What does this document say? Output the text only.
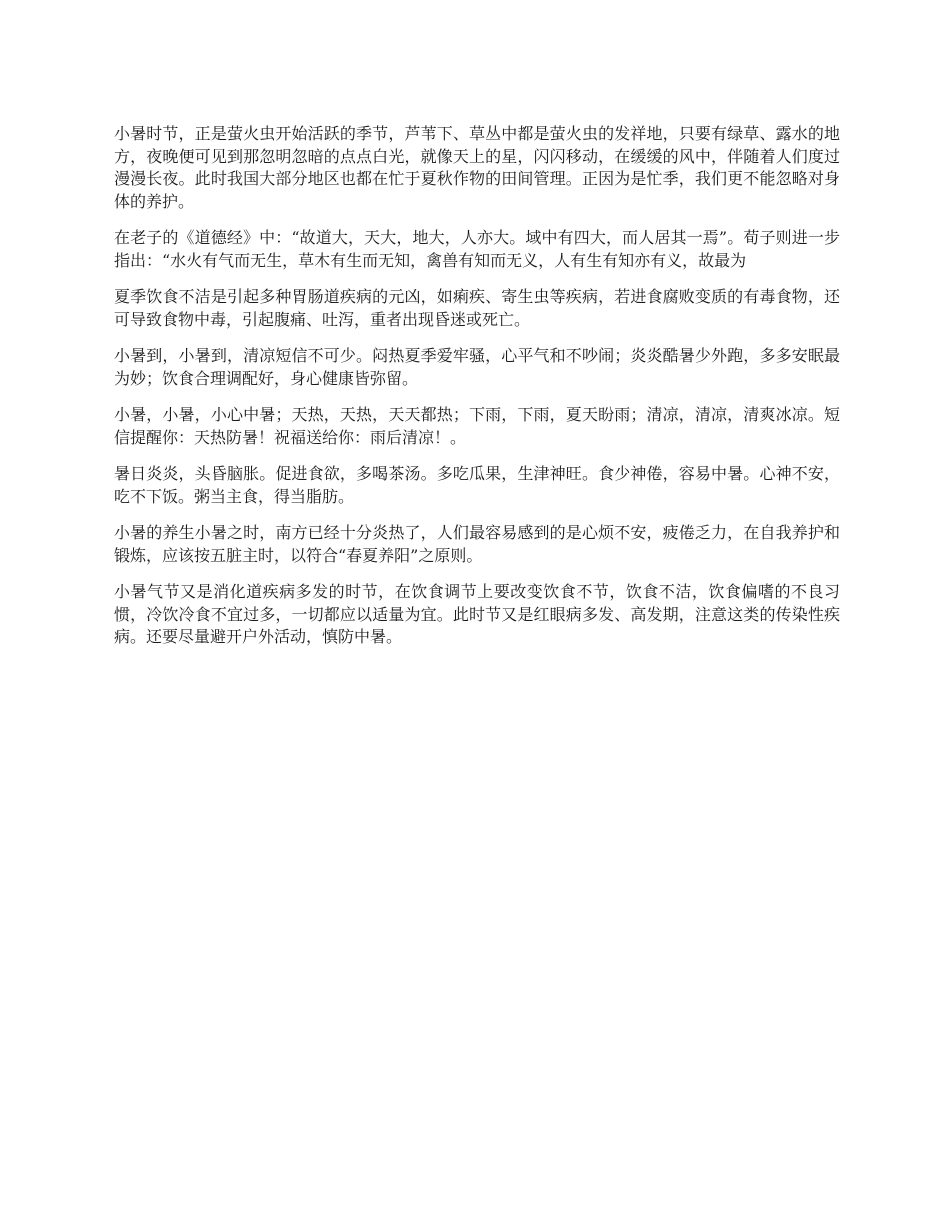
小暑时节，正是萤火虫开始活跃的季节，芦苇下、草丛中都是萤火虫的发祥地，只要有绿草、露水的地方，夜晚便可见到那忽明忽暗的点点白光，就像天上的星，闪闪移动，在缓缓的风中，伴随着人们度过漫漫长夜。此时我国大部分地区也都在忙于夏秋作物的田间管理。正因为是忙季，我们更不能忽略对身体的养护。

在老子的《道德经》中：“故道大，天大，地大，人亦大。域中有四大，而人居其一焉”。荀子则进一步指出：“水火有气而无生，草木有生而无知，禽兽有知而无义，人有生有知亦有义，故最为

夏季饮食不洁是引起多种胃肠道疾病的元凶，如痢疾、寄生虫等疾病，若进食腐败变质的有毒食物，还可导致食物中毒，引起腹痛、吐泻，重者出现昏迷或死亡。

小暑到，小暑到，清凉短信不可少。闷热夏季爱牢骚，心平气和不吵闹；炎炎酷暑少外跑，多多安眠最为妙；饮食合理调配好，身心健康皆弥留。

小暑，小暑，小心中暑；天热，天热，天天都热；下雨，下雨，夏天盼雨；清凉，清凉，清爽冰凉。短信提醒你：天热防暑！祝福送给你：雨后清凉！。

暑日炎炎，头昏脑胀。促进食欲，多喝茶汤。多吃瓜果，生津神旺。食少神倦，容易中暑。心神不安，吃不下饭。粥当主食，得当脂肪。

小暑的养生小暑之时，南方已经十分炎热了，人们最容易感到的是心烦不安，疲倦乏力，在自我养护和锻炼，应该按五脏主时，以符合“春夏养阳”之原则。

小暑气节又是消化道疾病多发的时节，在饮食调节上要改变饮食不节，饮食不洁，饮食偏嗜的不良习惯，冷饮冷食不宜过多，一切都应以适量为宜。此时节又是红眼病多发、高发期，注意这类的传染性疾病。还要尽量避开户外活动，慎防中暑。
